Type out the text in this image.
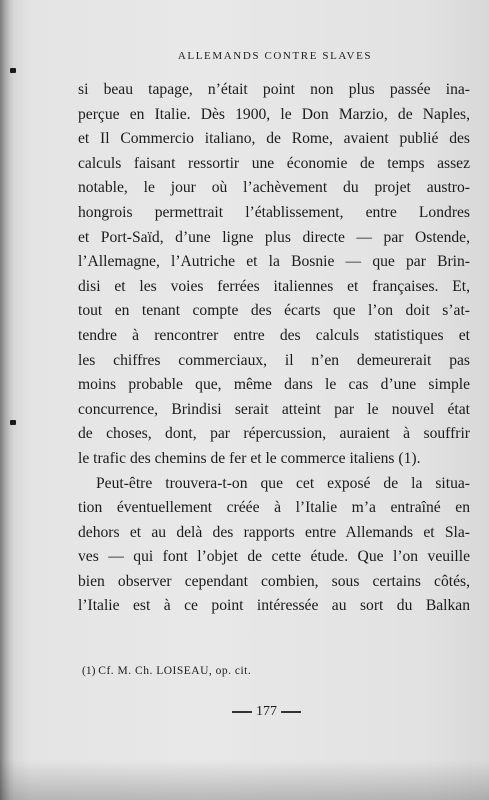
ALLEMANDS CONTRE SLAVES
si beau tapage, n’était point non plus passée ina-
perçue en Italie. Dès 1900, le Don Marzio, de Naples,
et Il Commercio italiano, de Rome, avaient publié des
calculs faisant ressortir une économie de temps assez
notable, le jour où l’achèvement du projet austro-
hongrois permettrait l’établissement, entre Londres
et Port-Saïd, d’une ligne plus directe — par Ostende,
l’Allemagne, l’Autriche et la Bosnie — que par Brin-
disi et les voies ferrées italiennes et françaises. Et,
tout en tenant compte des écarts que l’on doit s’at-
tendre à rencontrer entre des calculs statistiques et
les chiffres commerciaux, il n’en demeurerait pas
moins probable que, même dans le cas d’une simple
concurrence, Brindisi serait atteint par le nouvel état
de choses, dont, par répercussion, auraient à souffrir
le trafic des chemins de fer et le commerce italiens (1).
Peut-être trouvera-t-on que cet exposé de la situa-
tion éventuellement créée à l’Italie m’a entraîné en
dehors et au delà des rapports entre Allemands et Sla-
ves — qui font l’objet de cette étude. Que l’on veuille
bien observer cependant combien, sous certains côtés,
l’Italie est à ce point intéressée au sort du Balkan
(1) Cf. M. Ch. LOISEAU, op. cit.
177
